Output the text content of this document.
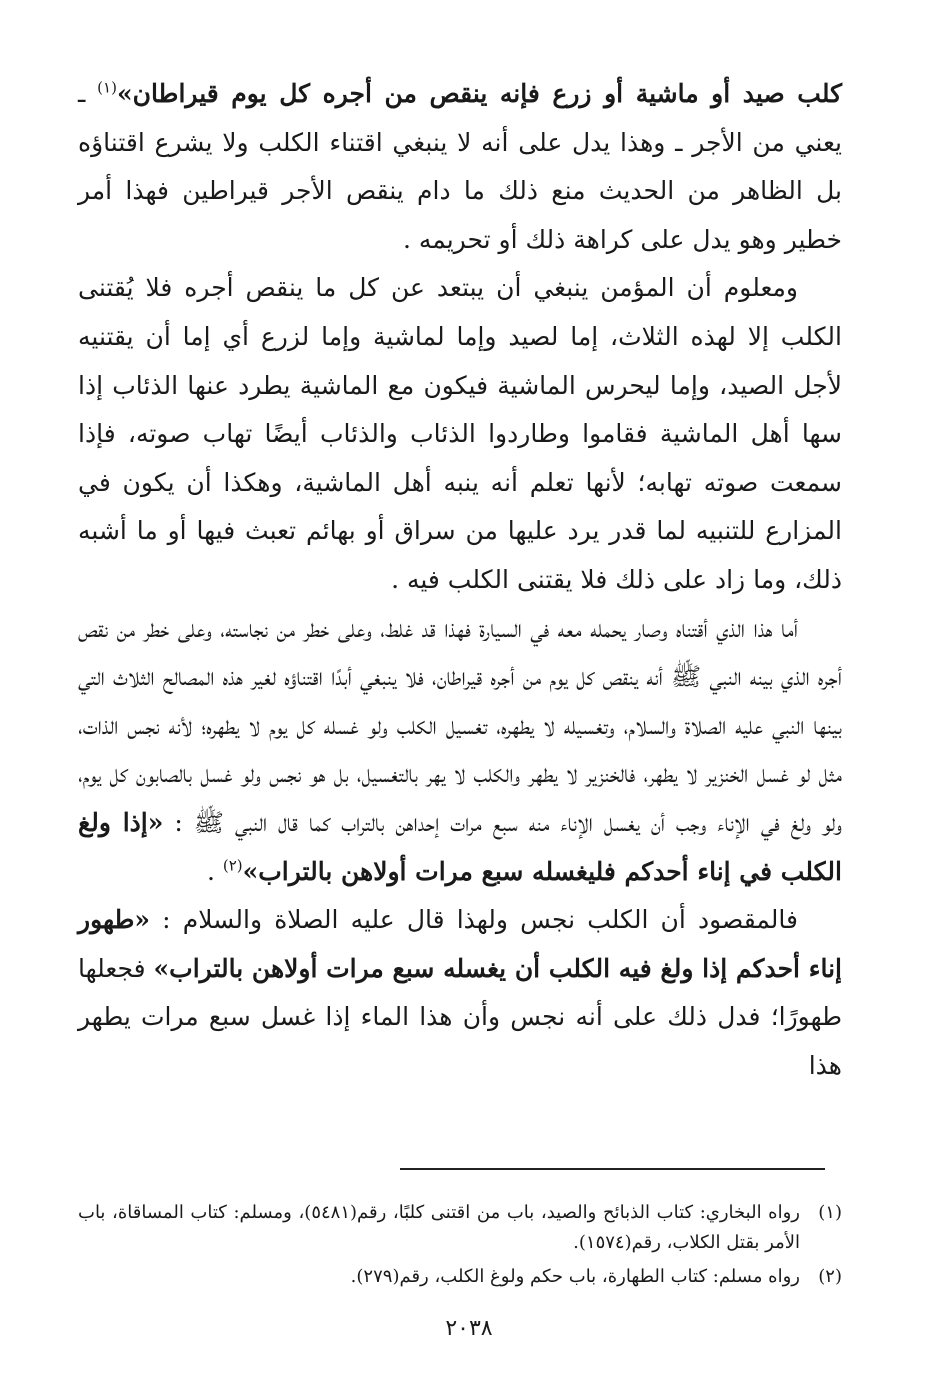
كلب صيد أو ماشية أو زرع فإنه ينقص من أجره كل يوم قيراطان»$^{(١)}$ ـ يعني من الأجر ـ وهذا يدل على أنه لا ينبغي اقتناء الكلب ولا يشرع اقتناؤه بل الظاهر من الحديث منع ذلك ما دام ينقص الأجر قيراطين فهذا أمر خطير وهو يدل على كراهة ذلك أو تحريمه .

ومعلوم أن المؤمن ينبغي أن يبتعد عن كل ما ينقص أجره فلا يُقتنى الكلب إلا لهذه الثلاث، إما لصيد وإما لماشية وإما لزرع أي إما أن يقتنيه لأجل الصيد، وإما ليحرس الماشية فيكون مع الماشية يطرد عنها الذئاب إذا سها أهل الماشية فقاموا وطاردوا الذئاب والذئاب أيضًا تهاب صوته، فإذا سمعت صوته تهابه؛ لأنها تعلم أنه ينبه أهل الماشية، وهكذا أن يكون في المزارع للتنبيه لما قدر يرد عليها من سراق أو بهائم تعبث فيها أو ما أشبه ذلك، وما زاد على ذلك فلا يقتنى الكلب فيه .

أما هذا الذي أقتناه وصار يحمله معه في السيارة فهذا قد غلط، وعلى خطر من نجاسته، وعلى خطر من نقص أجره الذي بينه النبي ﷺ أنه ينقص كل يوم من أجره قيراطان، فلا ينبغي أبدًا اقتناؤه لغير هذه المصالح الثلاث التي بينها النبي عليه الصلاة والسلام، وتغسيله لا يطهره، تغسيل الكلب ولو غسله كل يوم لا يطهره؛ لأنه نجس الذات، مثل لو غسل الخنزير لا يطهر، فالخنزير لا يطهر والكلب لا يهر بالتغسيل، بل هو نجس ولو غسل بالصابون كل يوم، ولو ولغ في الإناء وجب أن يغسل الإناء منه سبع مرات إحداهن بالتراب كما قال النبي ﷺ : «إذا ولغ الكلب في إناء أحدكم فليغسله سبع مرات أولاهن بالتراب»$^{(٢)}$ .

فالمقصود أن الكلب نجس ولهذا قال عليه الصلاة والسلام : «طهور إناء أحدكم إذا ولغ فيه الكلب أن يغسله سبع مرات أولاهن بالتراب» فجعلها طهورًا؛ فدل ذلك على أنه نجس وأن هذا الماء إذا غسل سبع مرات يطهر هذا

(١)رواه البخاري: كتاب الذبائح والصيد، باب من اقتنى كلبًا، رقم(٥٤٨١)، ومسلم: كتاب المساقاة، باب الأمر بقتل الكلاب، رقم(١٥٧٤).

(٢)رواه مسلم: كتاب الطهارة، باب حكم ولوغ الكلب، رقم(٢٧٩).

٢٠٣٨
